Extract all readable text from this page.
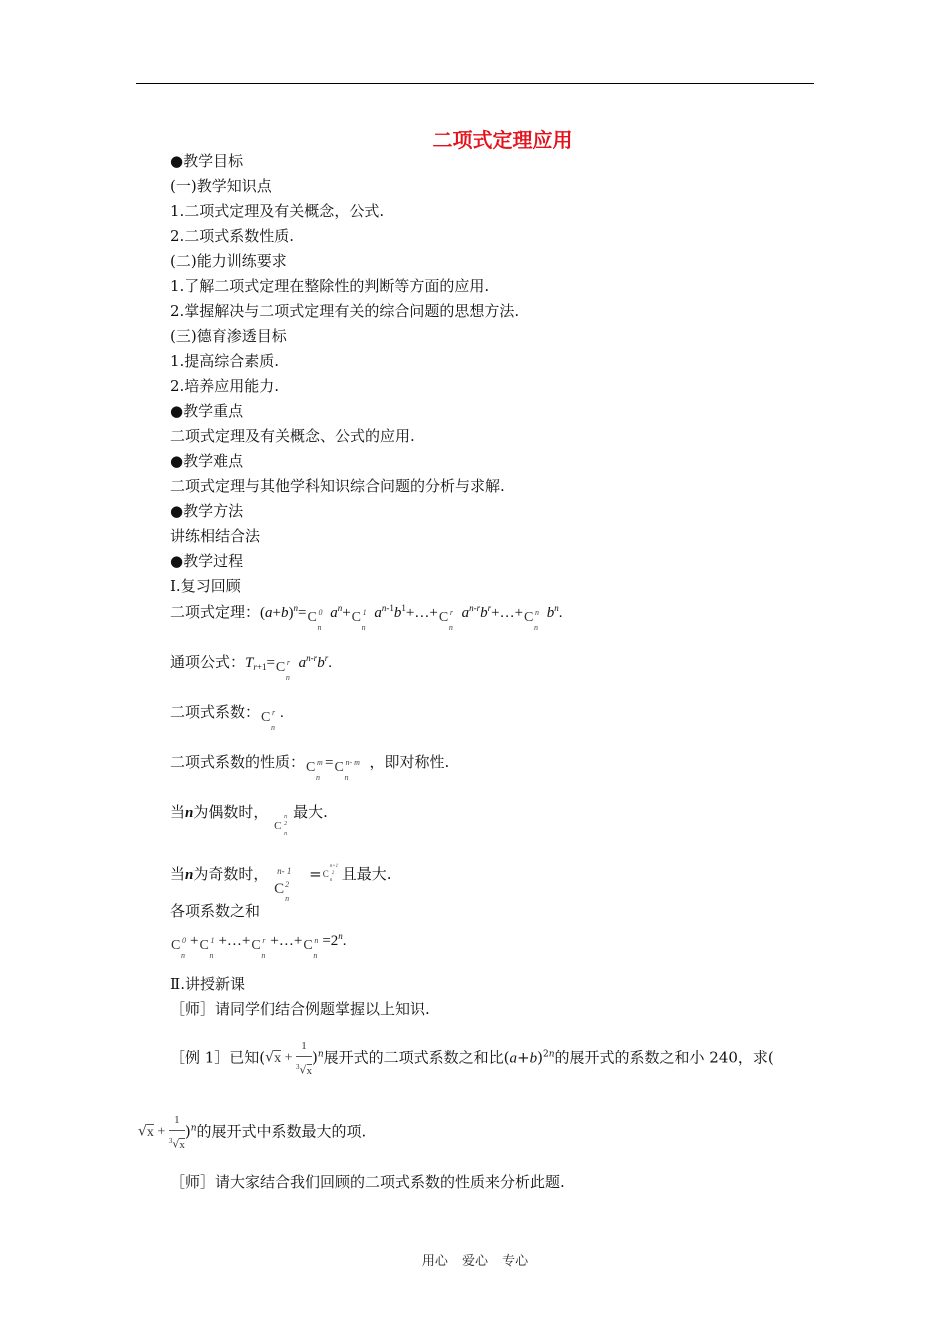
二项式定理应用
●教学目标
(一)教学知识点
1.二项式定理及有关概念，公式.
2.二项式系数性质.
(二)能力训练要求
1.了解二项式定理在整除性的判断等方面的应用.
2.掌握解决与二项式定理有关的综合问题的思想方法.
(三)德育渗透目标
1.提高综合素质.
2.培养应用能力.
●教学重点
二项式定理及有关概念、公式的应用.
●教学难点
二项式定理与其他学科知识综合问题的分析与求解.
●教学方法
讲练相结合法
●教学过程
Ⅰ.复习回顾
二项式定理：$(a+b)^n= C$ 0
n
$a^n+ C$ 1
n
$a^{n-1}b^1+\dots+ C$ r
n
$a^{n-r}b^r+\dots+ C$ n
n
$b^n$.
通项公式：$T_{r+1}= C$ r
n
$a^{n-r}b^r$.
二项式系数： C r
n
.
二项式系数的性质： C m
n
= C n- m
n
，即对称性.
当n为偶数时，
C
n
2
n
最大.
当n为奇数时，
C
n- 1
2
n
= C
n+1
2
n 且最大.
各项系数之和
C 0
n
+ C 1
n
+…+ C r
n
+…+ C n
n
$=2^n$.
Ⅱ.讲授新课
［师］请同学们结合例题掌握以上知识.
［例 1］已知$(√x + \frac{1}{^3√x} )^n$展开式的二项式系数之和比$(a+b)^{2n}$的展开式的系数之和小 240，求(
$√x + \frac{1}{^3√x} )^n$的展开式中系数最大的项.
［师］请大家结合我们回顾的二项式系数的性质来分析此题.
用心 爱心 专心
